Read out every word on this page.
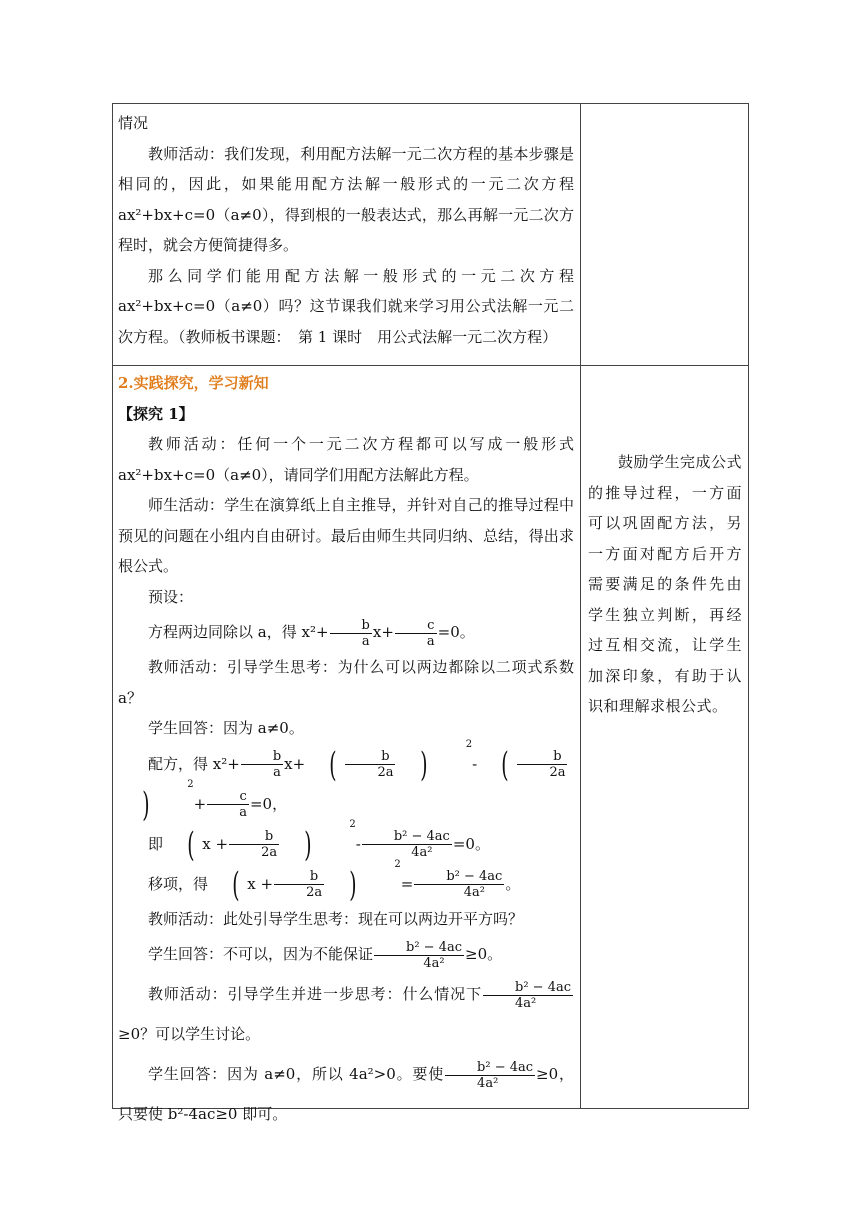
情况

教师活动：我们发现，利用配方法解一元二次方程的基本步骤是相同的，因此，如果能用配方法解一般形式的一元二次方程 ax²+bx+c=0（a≠0），得到根的一般表达式，那么再解一元二次方程时，就会方便简捷得多。

那么同学们能用配方法解一般形式的一元二次方程 ax²+bx+c=0（a≠0）吗？这节课我们就来学习用公式法解一元二次方程。（教师板书课题：　第 1 课时　用公式法解一元二次方程）

2.实践探究，学习新知

【探究 1】

教师活动：任何一个一元二次方程都可以写成一般形式 ax²+bx+c=0（a≠0），请同学们用配方法解此方程。

师生活动：学生在演算纸上自主推导，并针对自己的推导过程中预见的问题在小组内自由研讨。最后由师生共同归纳、总结，得出求根公式。

预设：

方程两边同除以 a，得 $x^2+ \frac{b}{a} x+ \frac{c}{a} =0$。

教师活动：引导学生思考：为什么可以两边都除以二项式系数 a？

学生回答：因为 a≠0。

配方，得 $x^2+ \frac{b}{a} x+$ ( $\frac{b}{2a} )2-$ ( $\frac{b}{2a}$
)$2+ \frac{c}{a} =0$，

即 ( $x + \frac{b}{2a} )2- \frac{\text{b² − 4ac}}{\text{4a²}} =0$。

移项，得 ( $x + \frac{b}{2a} )2= \frac{\text{b² − 4ac}}{\text{4a²}}$ 。

教师活动：此处引导学生思考：现在可以两边开平方吗？

学生回答：不可以，因为不能保证 $\frac{\text{b² − 4ac}}{\text{4a²}} \ge 0$。

教师活动：引导学生并进一步思考：什么情况下 $\frac{\text{b² − 4ac}}{\text{4a²}}$
≥0？可以学生讨论。

学生回答：因为 a≠0，所以 4a²>0。要使 $\frac{\text{b² − 4ac}}{\text{4a²}} \ge 0$，只要使 b²-4ac≥0 即可。

鼓励学生完成公式的推导过程，一方面可以巩固配方法，另一方面对配方后开方需要满足的条件先由学生独立判断，再经过互相交流，让学生加深印象，有助于认识和理解求根公式。
